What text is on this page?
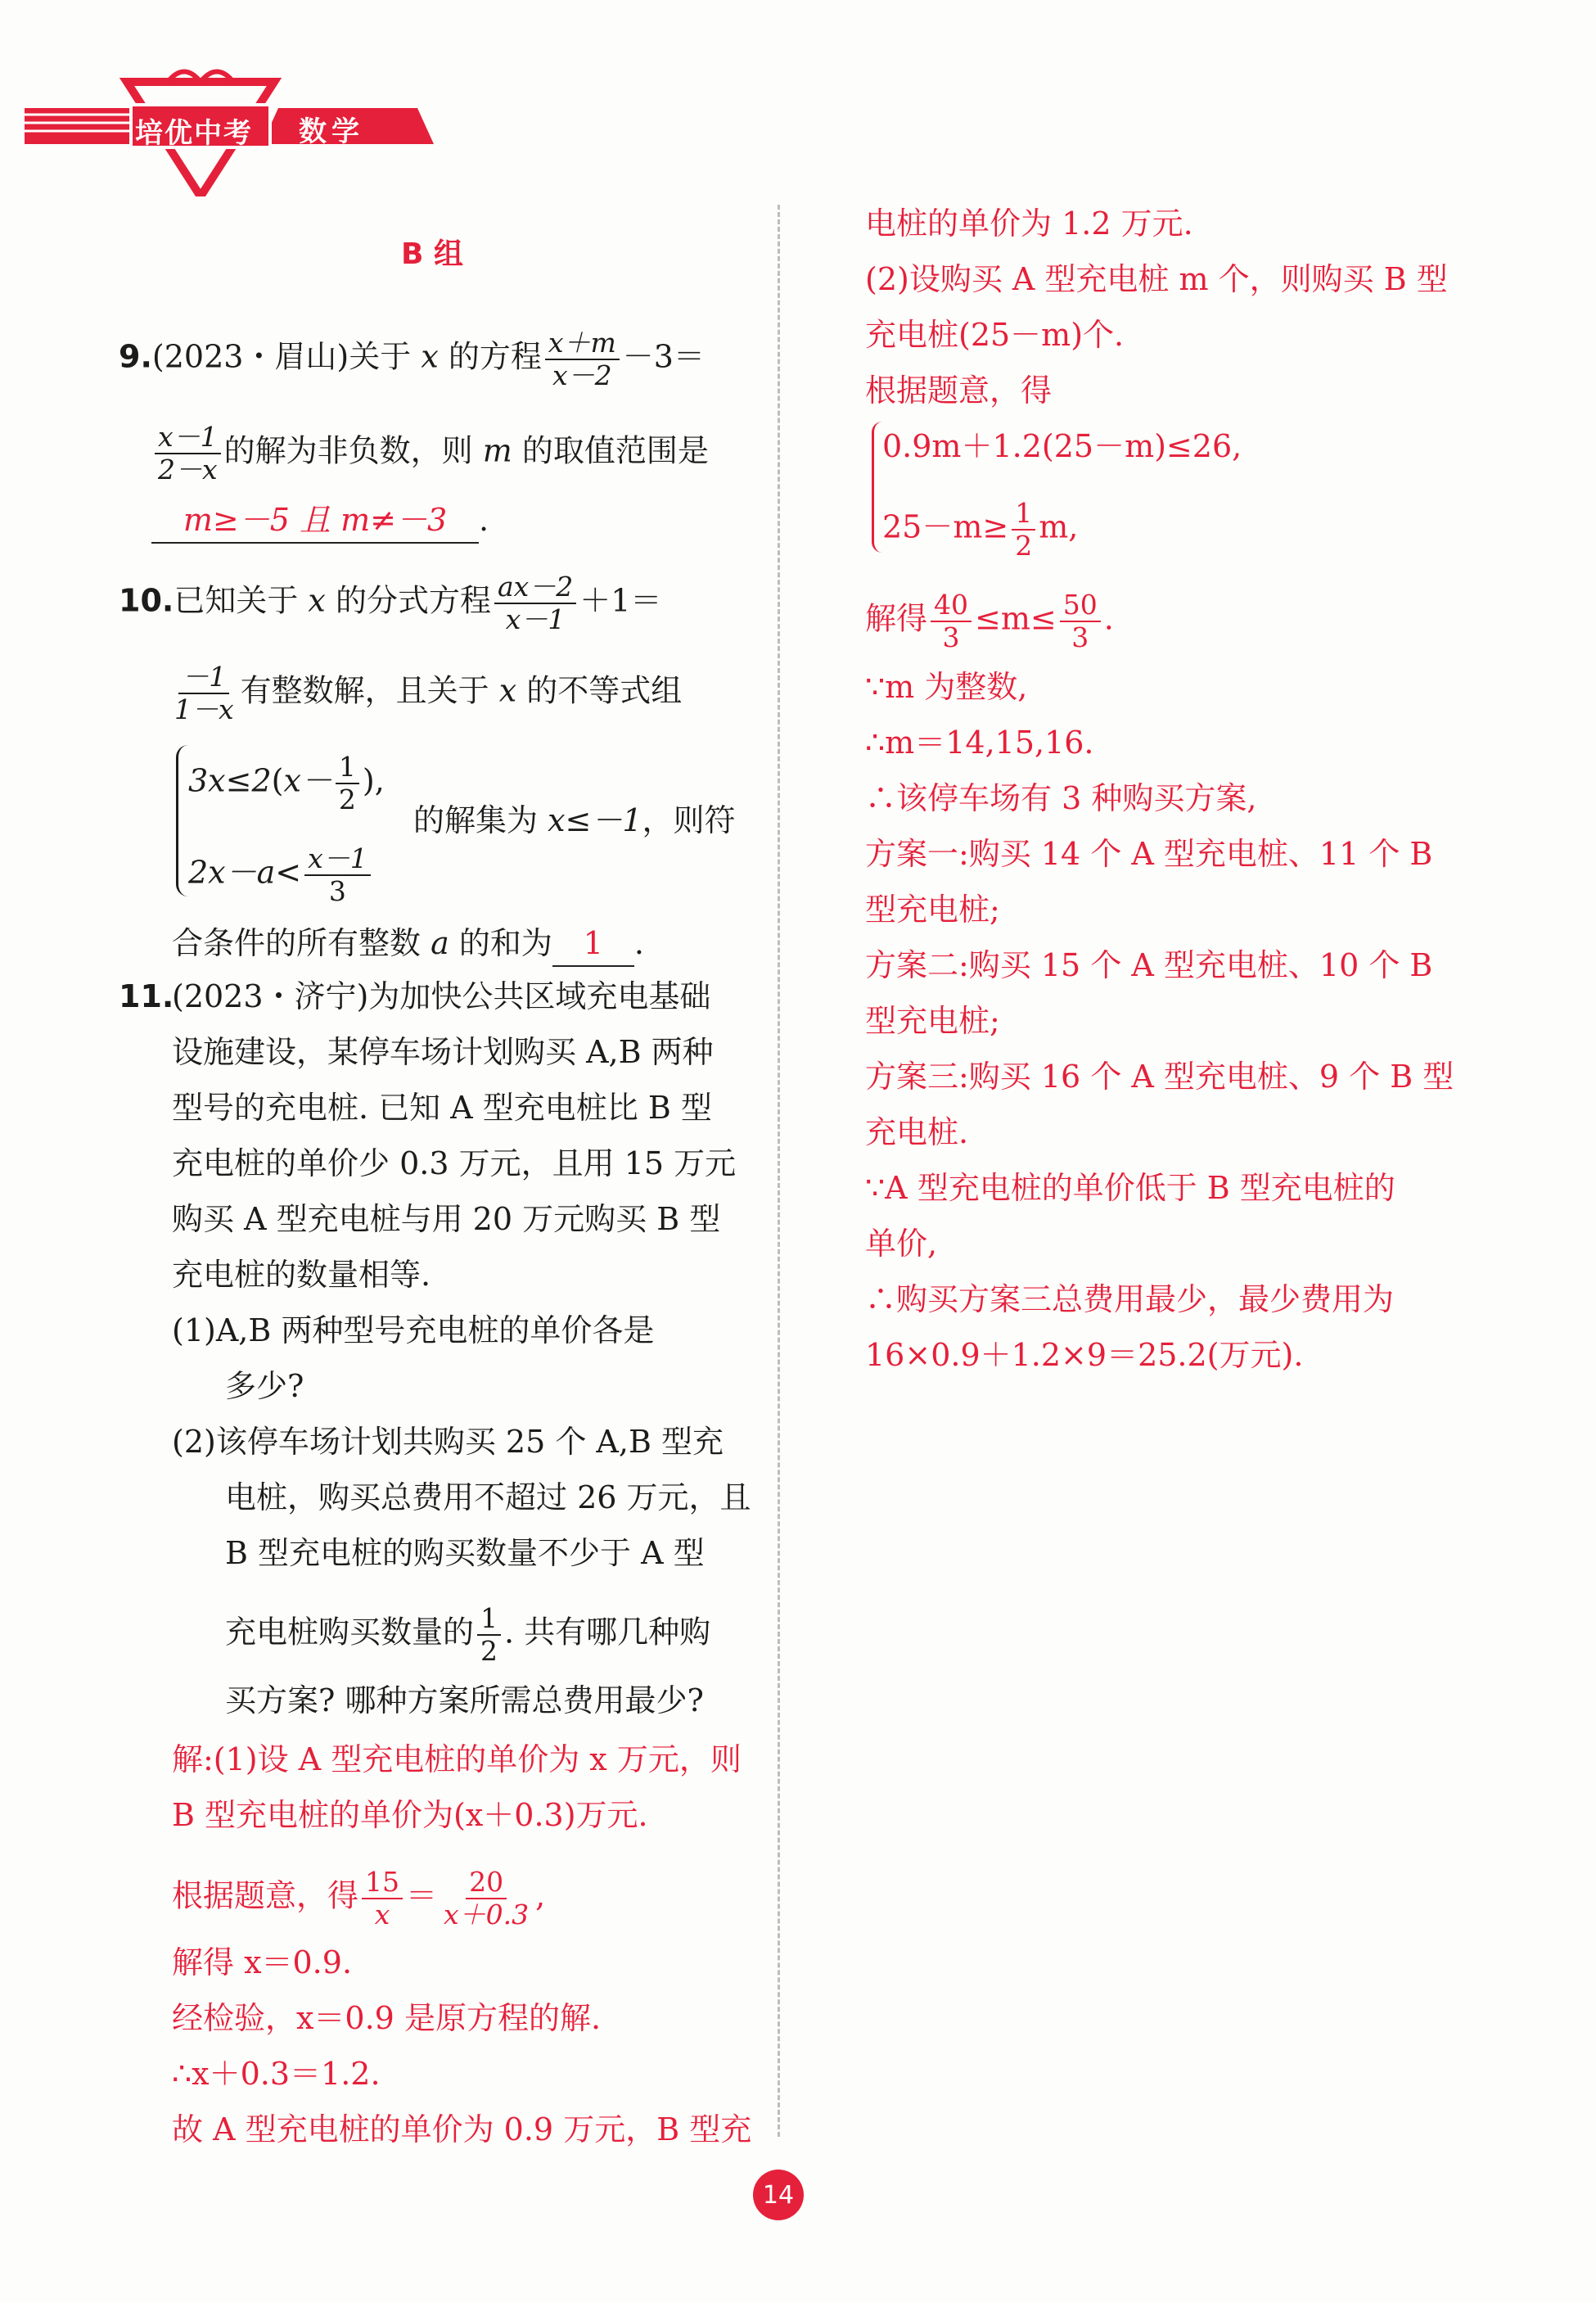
培优中考 数学
B 组
9.(2023・眉山)关于 x 的方程 $\frac{x+m}{x-2} -3=$
$\frac{x-1}{2-x}$ 的解为非负数，则 m 的取值范围是
m≥－5 且 m≠－3 .
10.已知关于 x 的分式方程 $\frac{ax-2}{x-1} +1=$
$\frac{-1}{1-x}$ 有整数解，且关于 x 的不等式组
$3x\le 2(x- \frac{1}{2}$ ),
$2x-a< \frac{x-1}{3}$
的解集为 x≤－1，则符
合条件的所有整数 a 的和为 1 .
11.
(2023・济宁)为加快公共区域充电基础
设施建设，某停车场计划购买 A,B 两种
型号的充电桩. 已知 A 型充电桩比 B 型
充电桩的单价少 0.3 万元，且用 15 万元
购买 A 型充电桩与用 20 万元购买 B 型
充电桩的数量相等.
(1)A,B 两种型号充电桩的单价各是
多少?
(2)该停车场计划共购买 25 个 A,B 型充
电桩，购买总费用不超过 26 万元，且
B 型充电桩的购买数量不少于 A 型
充电桩购买数量的 $\frac{1}{2}$ . 共有哪几种购
买方案? 哪种方案所需总费用最少?
解:(1)设 A 型充电桩的单价为 x 万元，则
B 型充电桩的单价为(x＋0.3)万元.
根据题意，得 $\frac{15}{x} = \frac{20}{x+0.3}$ ,
解得 x＝0.9.
经检验，x＝0.9 是原方程的解.
∴x＋0.3＝1.2.
故 A 型充电桩的单价为 0.9 万元，B 型充
电桩的单价为 1.2 万元.
(2)设购买 A 型充电桩 m 个，则购买 B 型
充电桩(25－m)个.
根据题意，得
0.9m＋1.2(25－m)≤26,
$25-m\ge \frac{1}{2} m$,
解得 $\frac{40}{3} \le m\le \frac{50}{3}$ .
∵m 为整数,
∴m＝14,15,16.
∴该停车场有 3 种购买方案,
方案一:购买 14 个 A 型充电桩、11 个 B
型充电桩;
方案二:购买 15 个 A 型充电桩、10 个 B
型充电桩;
方案三:购买 16 个 A 型充电桩、9 个 B 型
充电桩.
∵A 型充电桩的单价低于 B 型充电桩的
单价,
∴购买方案三总费用最少，最少费用为
16×0.9＋1.2×9＝25.2(万元).
14
